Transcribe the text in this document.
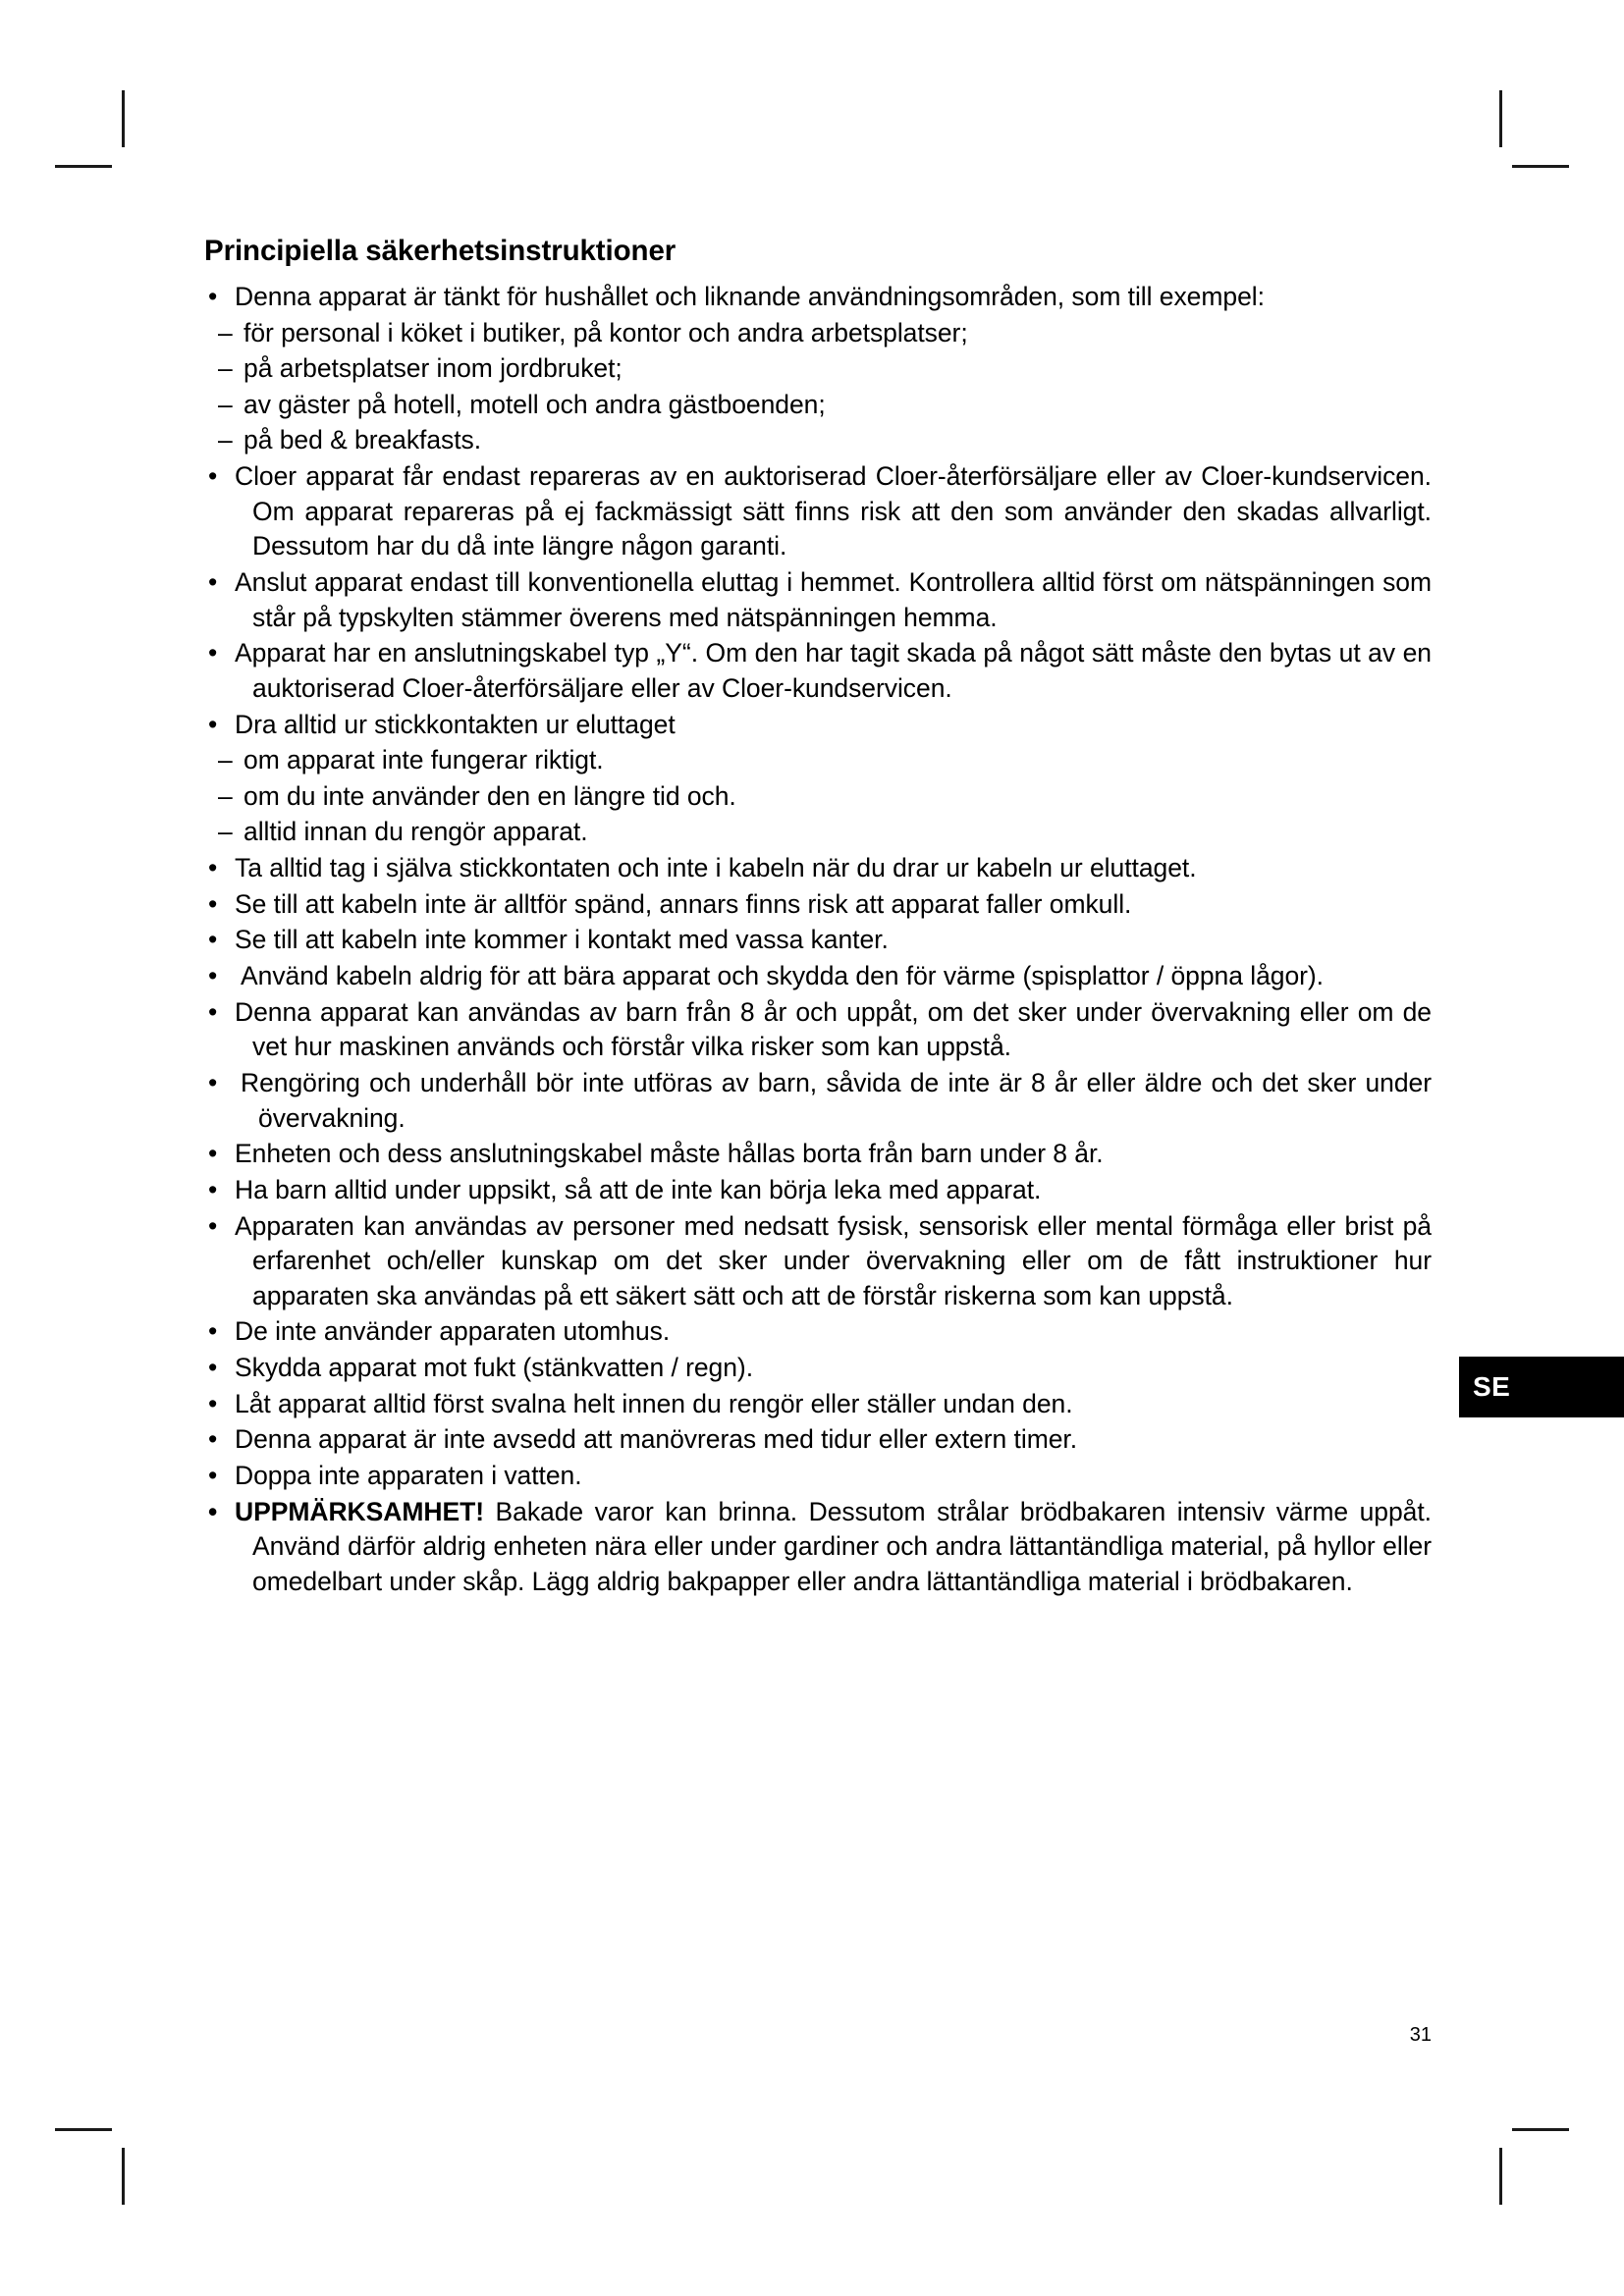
Principiella säkerhetsinstruktioner
• Denna apparat är tänkt för hushållet och liknande användningsområden, som till exempel:
– för personal i köket i butiker, på kontor och andra arbetsplatser;
– på arbetsplatser inom jordbruket;
– av gäster på hotell, motell och andra gästboenden;
– på bed & breakfasts.
• Cloer apparat får endast repareras av en auktoriserad Cloer-återförsäljare eller av Cloer-kundservicen. Om apparat repareras på ej fackmässigt sätt finns risk att den som använder den skadas allvarligt. Dessutom har du då inte längre någon garanti.
• Anslut apparat endast till konventionella eluttag i hemmet. Kontrollera alltid först om nätspänningen som står på typskylten stämmer överens med nätspänningen hemma.
• Apparat har en anslutningskabel typ „Y“. Om den har tagit skada på något sätt måste den bytas ut av en auktoriserad Cloer-återförsäljare eller av Cloer-kundservicen.
• Dra alltid ur stickkontakten ur eluttaget
– om apparat inte fungerar riktigt.
– om du inte använder den en längre tid och.
– alltid innan du rengör apparat.
• Ta alltid tag i själva stickkontaten och inte i kabeln när du drar ur kabeln ur eluttaget.
• Se till att kabeln inte är alltför spänd, annars finns risk att apparat faller omkull.
• Se till att kabeln inte kommer i kontakt med vassa kanter.
• Använd kabeln aldrig för att bära apparat och skydda den för värme (spisplattor / öppna lågor).
• Denna apparat kan användas av barn från 8 år och uppåt, om det sker under övervakning eller om de vet hur maskinen används och förstår vilka risker som kan uppstå.
• Rengöring och underhåll bör inte utföras av barn, såvida de inte är 8 år eller äldre och det sker under övervakning.
• Enheten och dess anslutningskabel måste hållas borta från barn under 8 år.
• Ha barn alltid under uppsikt, så att de inte kan börja leka med apparat.
• Apparaten kan användas av personer med nedsatt fysisk, sensorisk eller mental förmåga eller brist på erfarenhet och/eller kunskap om det sker under övervakning eller om de fått instruktioner hur apparaten ska användas på ett säkert sätt och att de förstår riskerna som kan uppstå.
• De inte använder apparaten utomhus.
• Skydda apparat mot fukt (stänkvatten / regn).
• Låt apparat alltid först svalna helt innen du rengör eller ställer undan den.
• Denna apparat är inte avsedd att manövreras med tidur eller extern timer.
• Doppa inte apparaten i vatten.
• UPPMÄRKSAMHET! Bakade varor kan brinna. Dessutom strålar brödbakaren intensiv värme uppåt. Använd därför aldrig enheten nära eller under gardiner och andra lättantändliga material, på hyllor eller omedelbart under skåp. Lägg aldrig bakpapper eller andra lättantändliga material i brödbakaren.
SE
31
